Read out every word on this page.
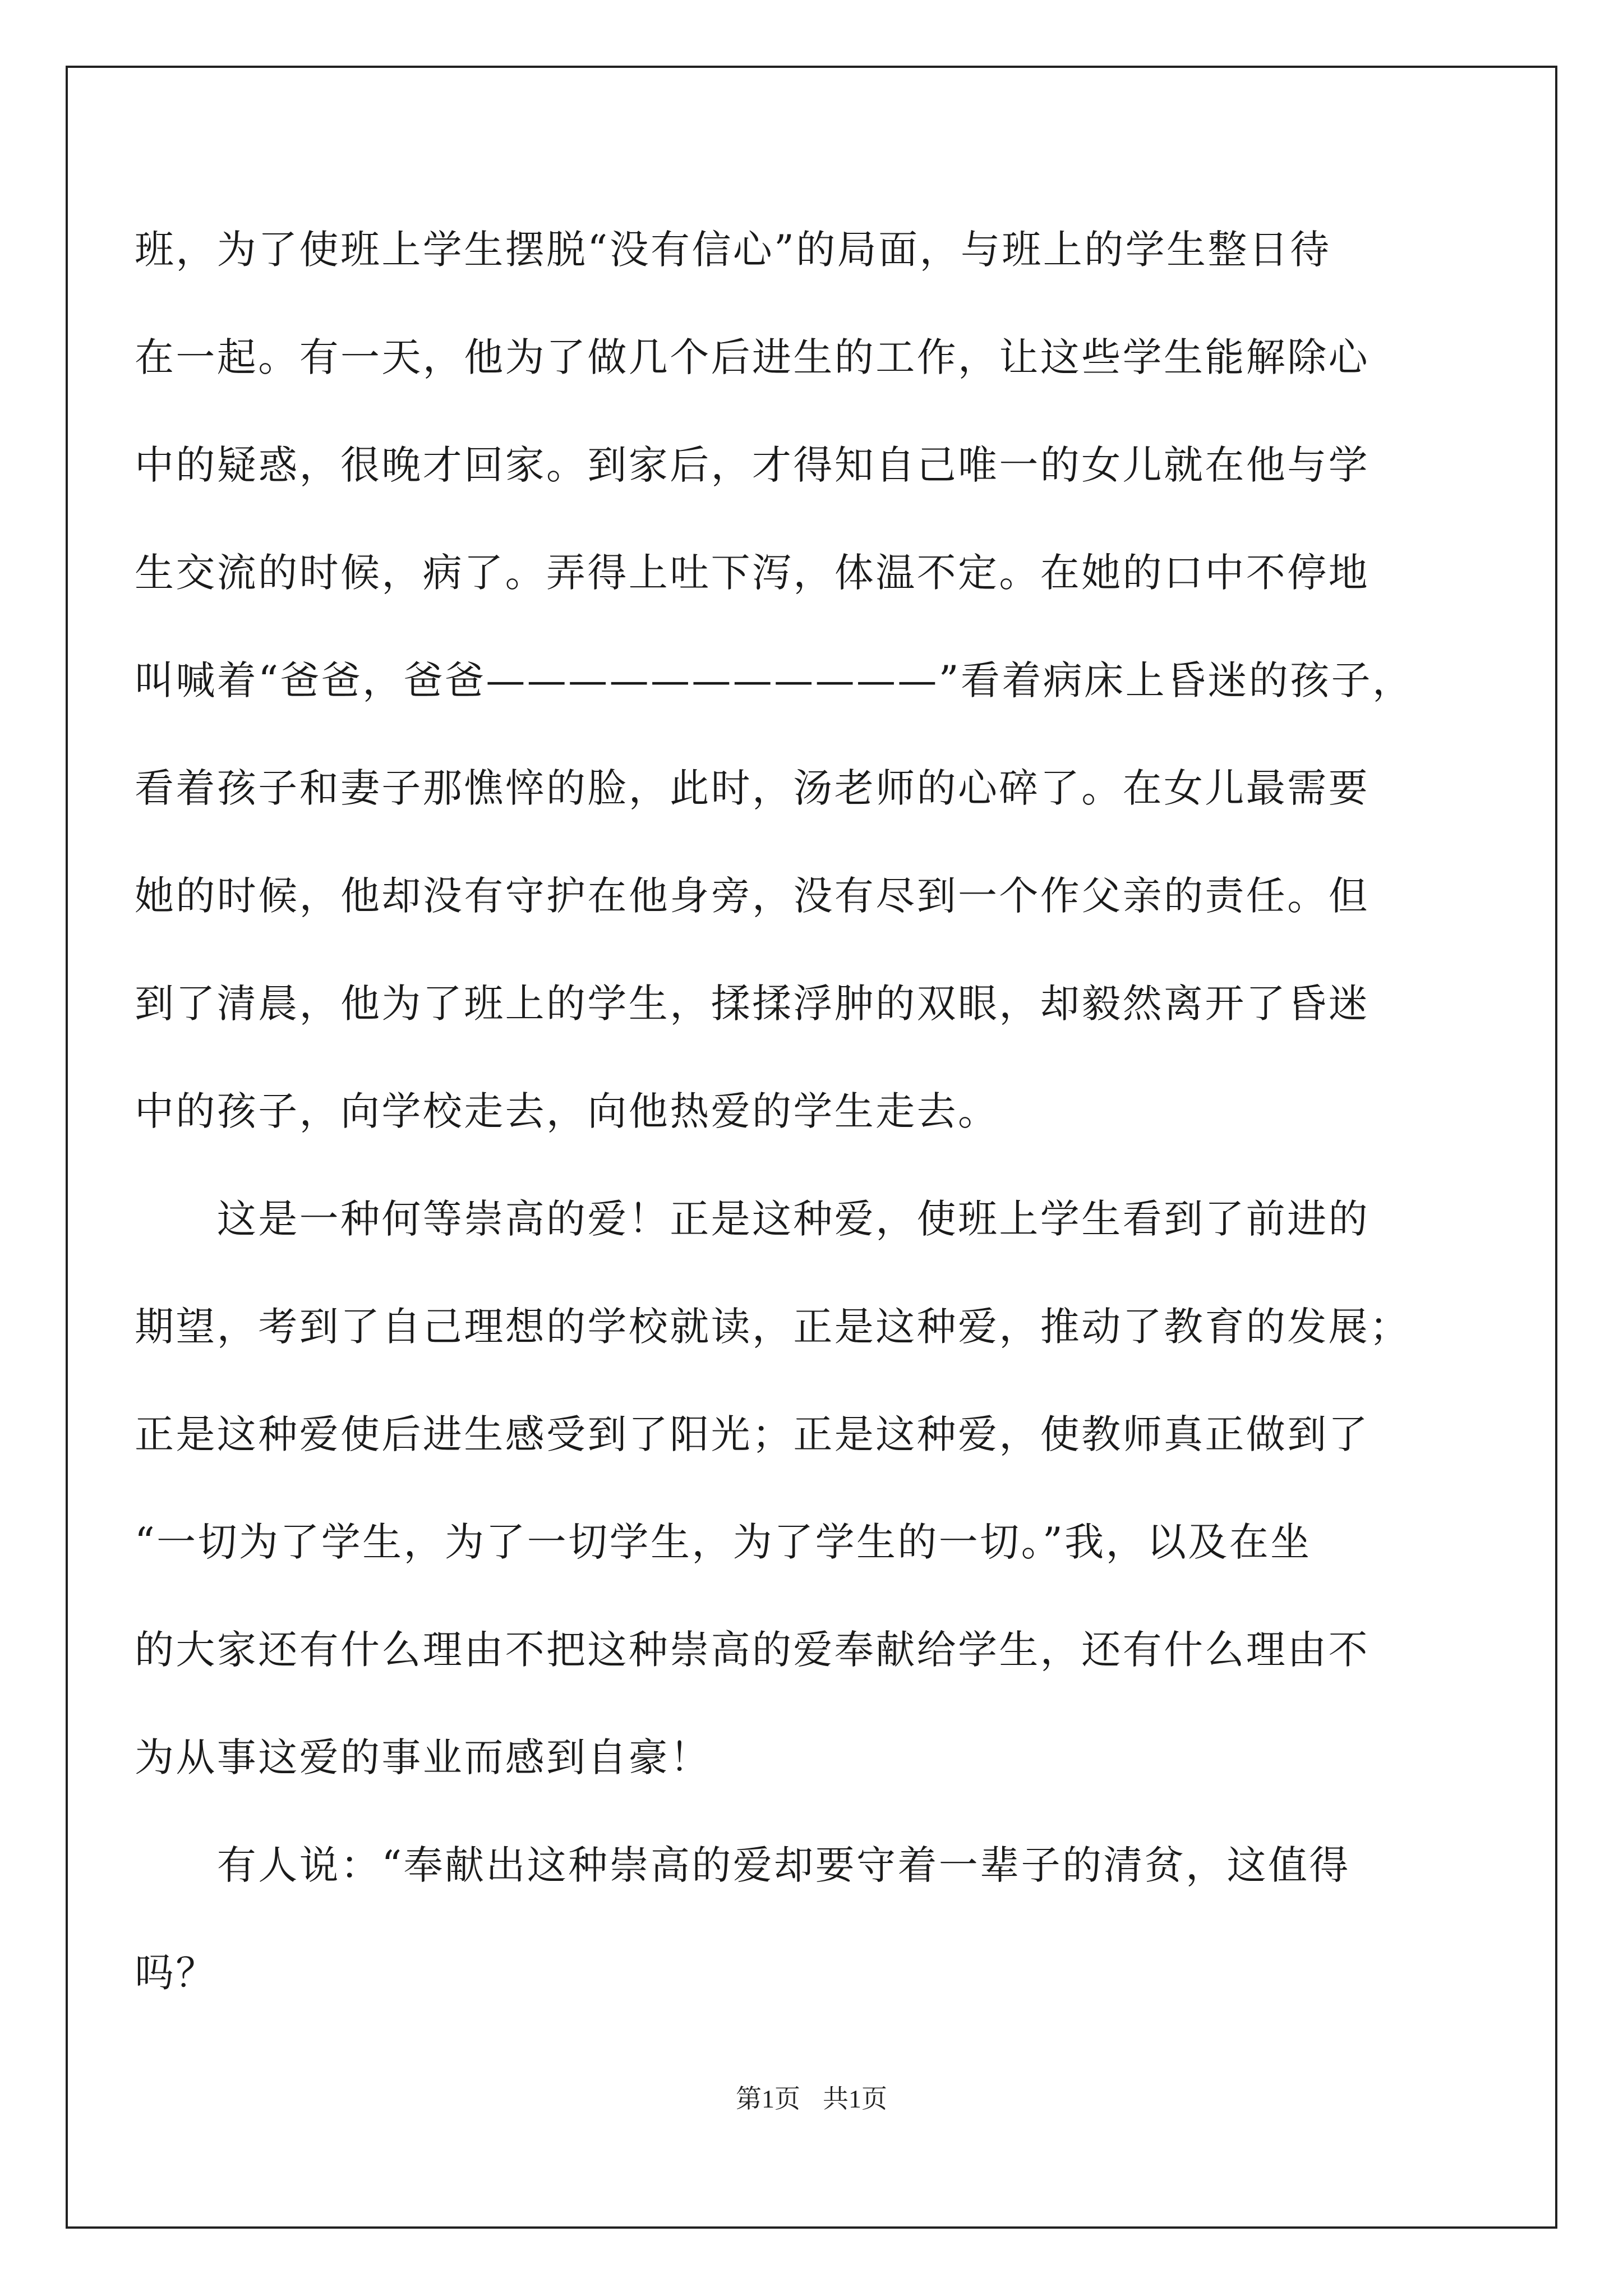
班，为了使班上学生摆脱“没有信心”的局面，与班上的学生整日待
在一起。有一天，他为了做几个后进生的工作，让这些学生能解除心
中的疑惑，很晚才回家。到家后，才得知自己唯一的女儿就在他与学
生交流的时候，病了。弄得上吐下泻，体温不定。在她的口中不停地
叫喊着“爸爸，爸爸———————————”看着病床上昏迷的孩子，
看着孩子和妻子那憔悴的脸，此时，汤老师的心碎了。在女儿最需要
她的时候，他却没有守护在他身旁，没有尽到一个作父亲的责任。但
到了清晨，他为了班上的学生，揉揉浮肿的双眼，却毅然离开了昏迷
中的孩子，向学校走去，向他热爱的学生走去。
　　这是一种何等崇高的爱！正是这种爱，使班上学生看到了前进的
期望，考到了自己理想的学校就读，正是这种爱，推动了教育的发展；
正是这种爱使后进生感受到了阳光；正是这种爱，使教师真正做到了
“一切为了学生，为了一切学生，为了学生的一切。”我，以及在坐
的大家还有什么理由不把这种崇高的爱奉献给学生，还有什么理由不
为从事这爱的事业而感到自豪！
　　有人说：“奉献出这种崇高的爱却要守着一辈子的清贫，这值得
吗？
第1页 共1页
